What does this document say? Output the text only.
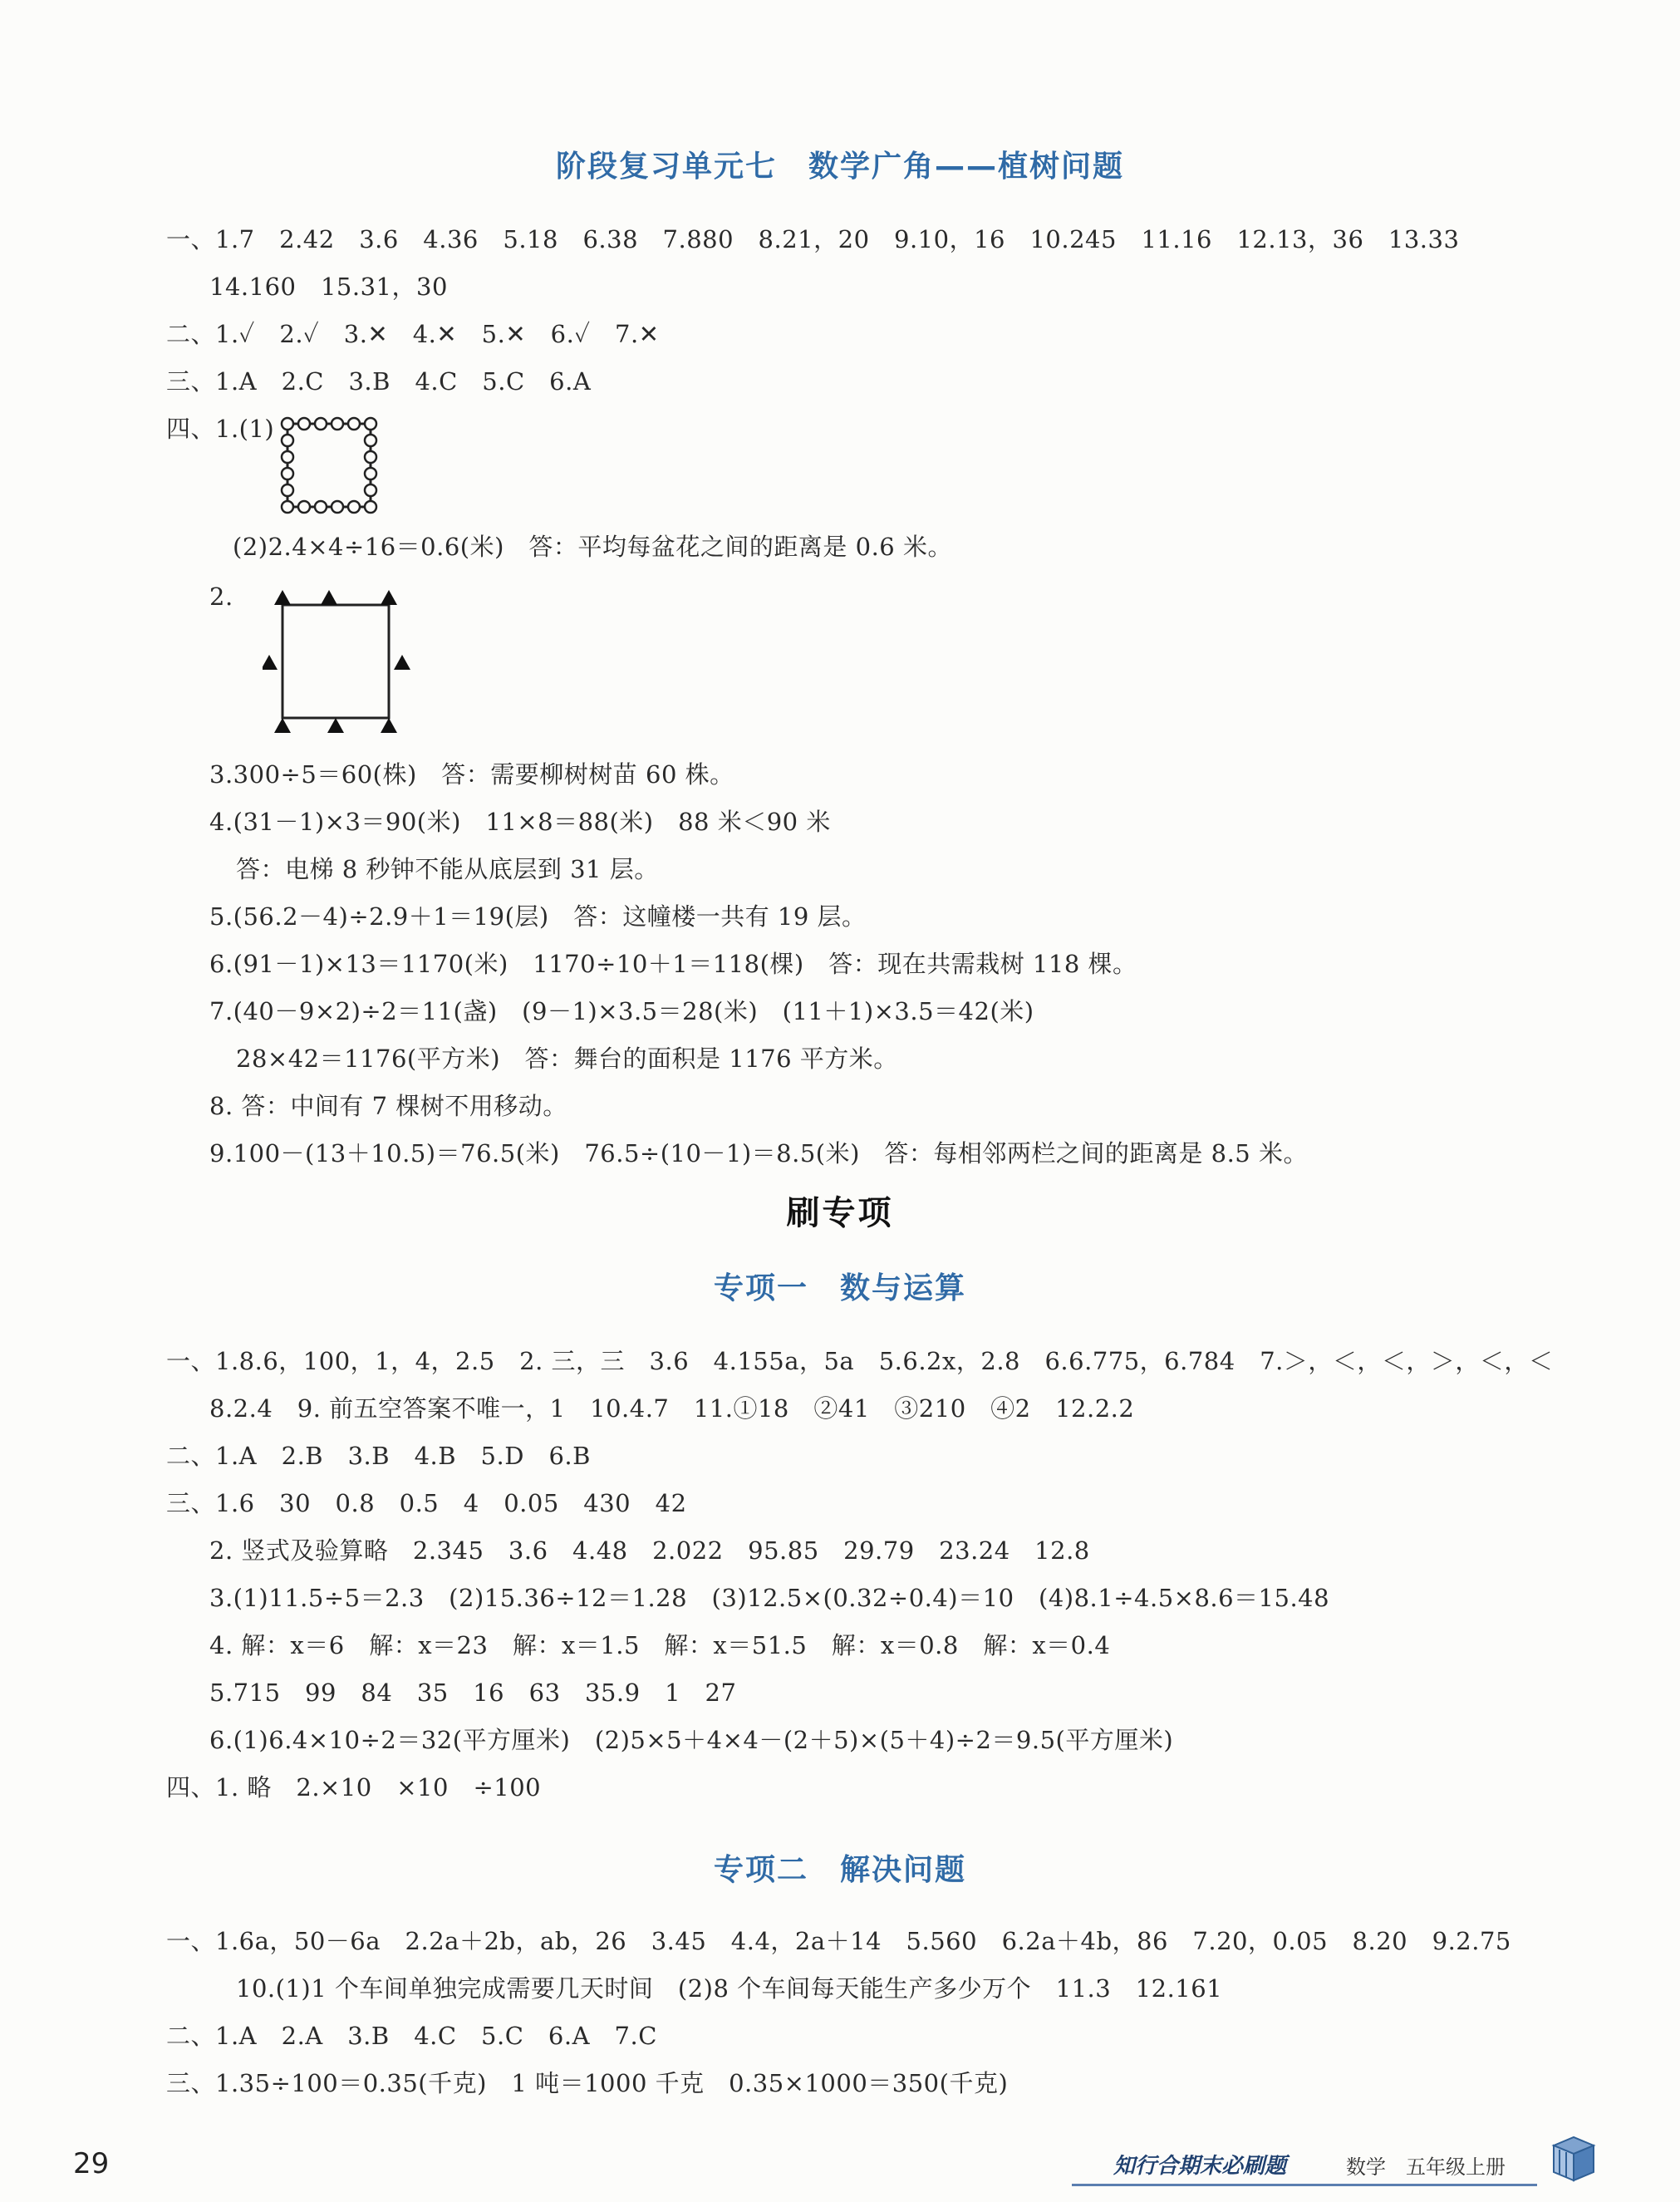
阶段复习单元七　数学广角——植树问题
一、1.7　2.42　3.6　4.36　5.18　6.38　7.880　8.21，20　9.10，16　10.245　11.16　12.13，36　13.33
14.160　15.31，30
二、1.✓　2.✓　3.✕　4.✕　5.✕　6.✓　7.✕
三、1.A　2.C　3.B　4.C　5.C　6.A
四、1.(1)
(2)2.4×4÷16＝0.6(米)　答：平均每盆花之间的距离是 0.6 米。
2.
3.300÷5＝60(株)　答：需要柳树树苗 60 株。
4.(31－1)×3＝90(米)　11×8＝88(米)　88 米＜90 米
答：电梯 8 秒钟不能从底层到 31 层。
5.(56.2－4)÷2.9＋1＝19(层)　答：这幢楼一共有 19 层。
6.(91－1)×13＝1170(米)　1170÷10＋1＝118(棵)　答：现在共需栽树 118 棵。
7.(40－9×2)÷2＝11(盏)　(9－1)×3.5＝28(米)　(11＋1)×3.5＝42(米)
28×42＝1176(平方米)　答：舞台的面积是 1176 平方米。
8. 答：中间有 7 棵树不用移动。
9.100－(13＋10.5)＝76.5(米)　76.5÷(10－1)＝8.5(米)　答：每相邻两栏之间的距离是 8.5 米。
刷专项
专项一　数与运算
一、1.8.6，100，1，4，2.5　2. 三，三　3.6　4.155a，5a　5.6.2x，2.8　6.6.775，6.784　7.＞，＜，＜，＞，＜，＜
8.2.4　9. 前五空答案不唯一，1　10.4.7　11.①18　②41　③210　④2　12.2.2
二、1.A　2.B　3.B　4.B　5.D　6.B
三、1.6　30　0.8　0.5　4　0.05　430　42
2. 竖式及验算略　2.345　3.6　4.48　2.022　95.85　29.79　23.24　12.8
3.(1)11.5÷5＝2.3　(2)15.36÷12＝1.28　(3)12.5×(0.32÷0.4)＝10　(4)8.1÷4.5×8.6＝15.48
4. 解：x＝6　解：x＝23　解：x＝1.5　解：x＝51.5　解：x＝0.8　解：x＝0.4
5.715　99　84　35　16　63　35.9　1　27
6.(1)6.4×10÷2＝32(平方厘米)　(2)5×5＋4×4－(2＋5)×(5＋4)÷2＝9.5(平方厘米)
四、1. 略　2.×10　×10　÷100
专项二　解决问题
一、1.6a，50－6a　2.2a＋2b，ab，26　3.45　4.4，2a＋14　5.560　6.2a＋4b，86　7.20，0.05　8.20　9.2.75
10.(1)1 个车间单独完成需要几天时间　(2)8 个车间每天能生产多少万个　11.3　12.161
二、1.A　2.A　3.B　4.C　5.C　6.A　7.C
三、1.35÷100＝0.35(千克)　1 吨＝1000 千克　0.35×1000＝350(千克)
29	知行合期末必刷题	数学　五年级上册
